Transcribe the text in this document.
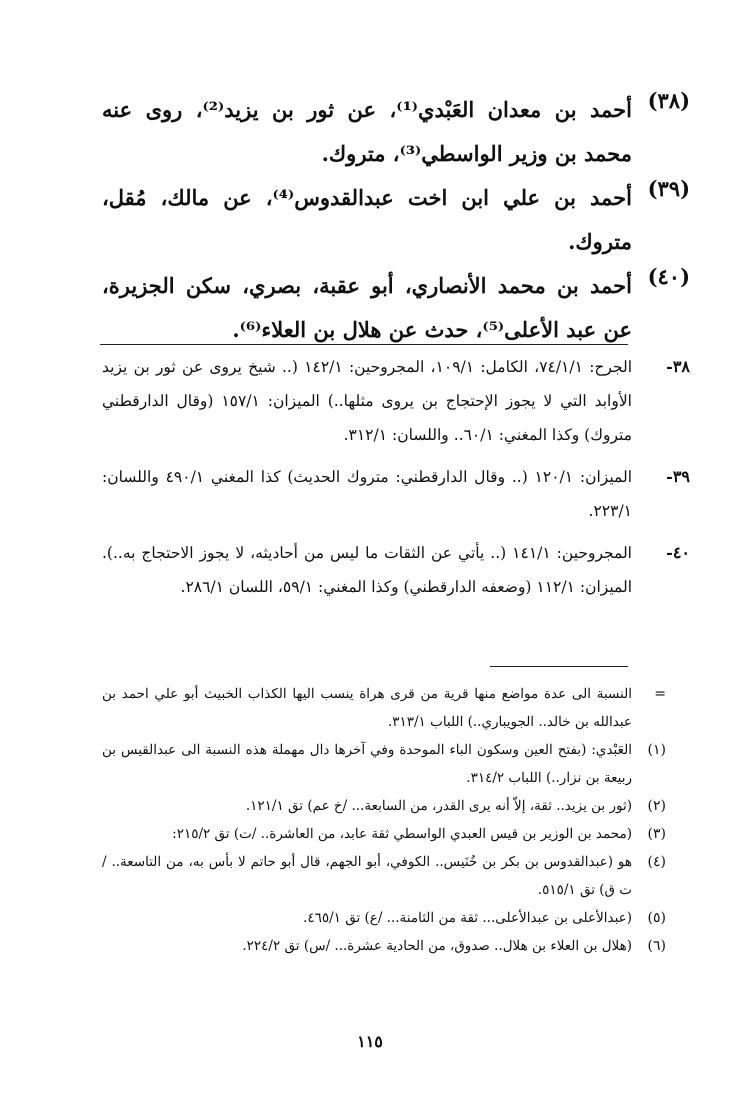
(٣٨)
أحمد بن معدان العَبْدي⁽¹⁾، عن ثور بن يزيد⁽²⁾، روى عنه محمد بن وزير الواسطي⁽³⁾، متروك.
(٣٩)
أحمد بن علي ابن اخت عبدالقدوس⁽⁴⁾، عن مالك، مُقل، متروك.
(٤٠)
أحمد بن محمد الأنصاري، أبو عقبة، بصري، سكن الجزيرة، عن عبد الأعلى⁽⁵⁾، حدث عن هلال بن العلاء⁽⁶⁾.
٣٨-
الجرح: ٧٤/١/١، الكامل: ١٠٩/١، المجروحين: ١٤٢/١ (.. شيخ يروى عن ثور بن يزيد الأوابد التي لا يجوز الإحتجاج بن يروى مثلها..) الميزان: ١٥٧/١ (وقال الدارقطني متروك) وكذا المغني: ٦٠/١.. واللسان: ٣١٢/١.
٣٩-
الميزان: ١٢٠/١ (.. وقال الدارقطني: متروك الحديث) كذا المغني ٤٩٠/١ واللسان: ٢٢٣/١.
٤٠-
المجروحين: ١٤١/١ (.. يأتي عن الثقات ما ليس من أحاديثه، لا يجوز الاحتجاج به..). الميزان: ١١٢/١ (وضعفه الدارقطني) وكذا المغني: ٥٩/١، اللسان ٢٨٦/١.
=
النسبة الى عدة مواضع منها قرية من قرى هراة ينسب اليها الكذاب الخبيث أبو علي احمد بن عبدالله بن خالد.. الجويباري..) اللباب ٣١٣/١.
(١)
العَبْدي: (بفتح العين وسكون الباء الموحدة وفي آخرها دال مهملة هذه النسبة الى عبدالقيس بن ربيعة بن نزار..) اللباب ٣١٤/٢.
(٢)
(ثور بن يزيد.. ثقة، إلاّ أنه يرى القدر، من السابعة... /خ عم) تق ١٢١/١.
(٣)
(محمد بن الوزير بن قيس العبدي الواسطي ثقة عابد، من العاشرة.. /ت) تق ٢١٥/٢:
(٤)
هو (عبدالقدوس بن بكر بن خُنَيس.. الكوفي، أبو الجهم، قال أبو حاتم لا بأس به، من التاسعة.. /ت ق) تق ٥١٥/١.
(٥)
(عبدالأعلى بن عبدالأعلى... ثقة من الثامنة... /ع) تق ٤٦٥/١.
(٦)
(هلال بن العلاء بن هلال.. صدوق، من الحادية عشرة... /س) تق ٢٢٤/٢.
١١٥
